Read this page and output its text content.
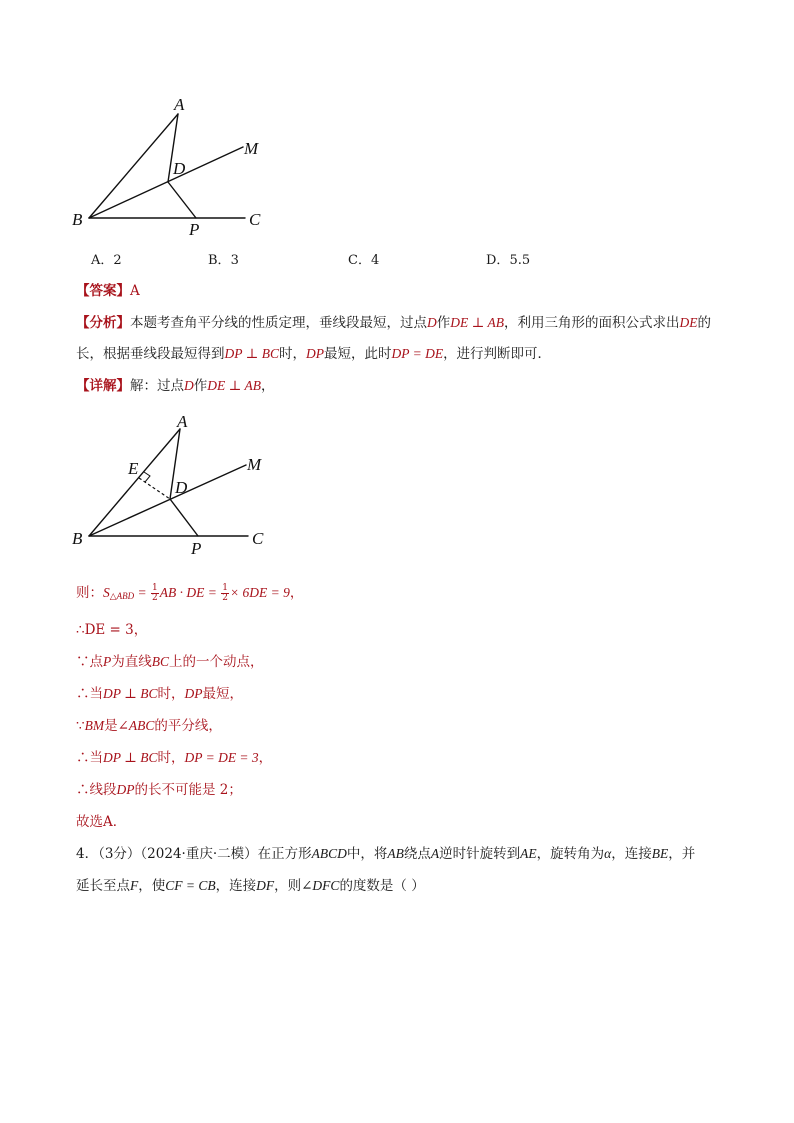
A
B	C
D
M
P
A．2	B．3	C．4	D．5.5
【答案】A
【分析】本题考查角平分线的性质定理，垂线段最短，过点D作DE ⊥ AB，利用三角形的面积公式求出DE的
长，根据垂线段最短得到DP ⊥ BC时，DP最短，此时DP = DE，进行判断即可．
【详解】解：过点D作DE ⊥ AB，
A
E
B	C
D
M
P
则：$S_{\triangle ABD} = \frac{1}{2}$ AB · DE = $\frac{1}{2} \times 6DE = 9$，
∴DE = 3，
∵点P为直线BC上的一个动点，
∴当DP ⊥ BC时，DP最短，
∵BM是∠ABC的平分线，
∴当DP ⊥ BC时，DP = DE = 3，
∴线段DP的长不可能是 2；
故选A．
4．（3分）（2024·重庆·二模）在正方形ABCD中，将AB绕点A逆时针旋转到AE，旋转角为α，连接BE，并
延长至点F，使CF = CB，连接DF，则∠DFC的度数是（ ）
